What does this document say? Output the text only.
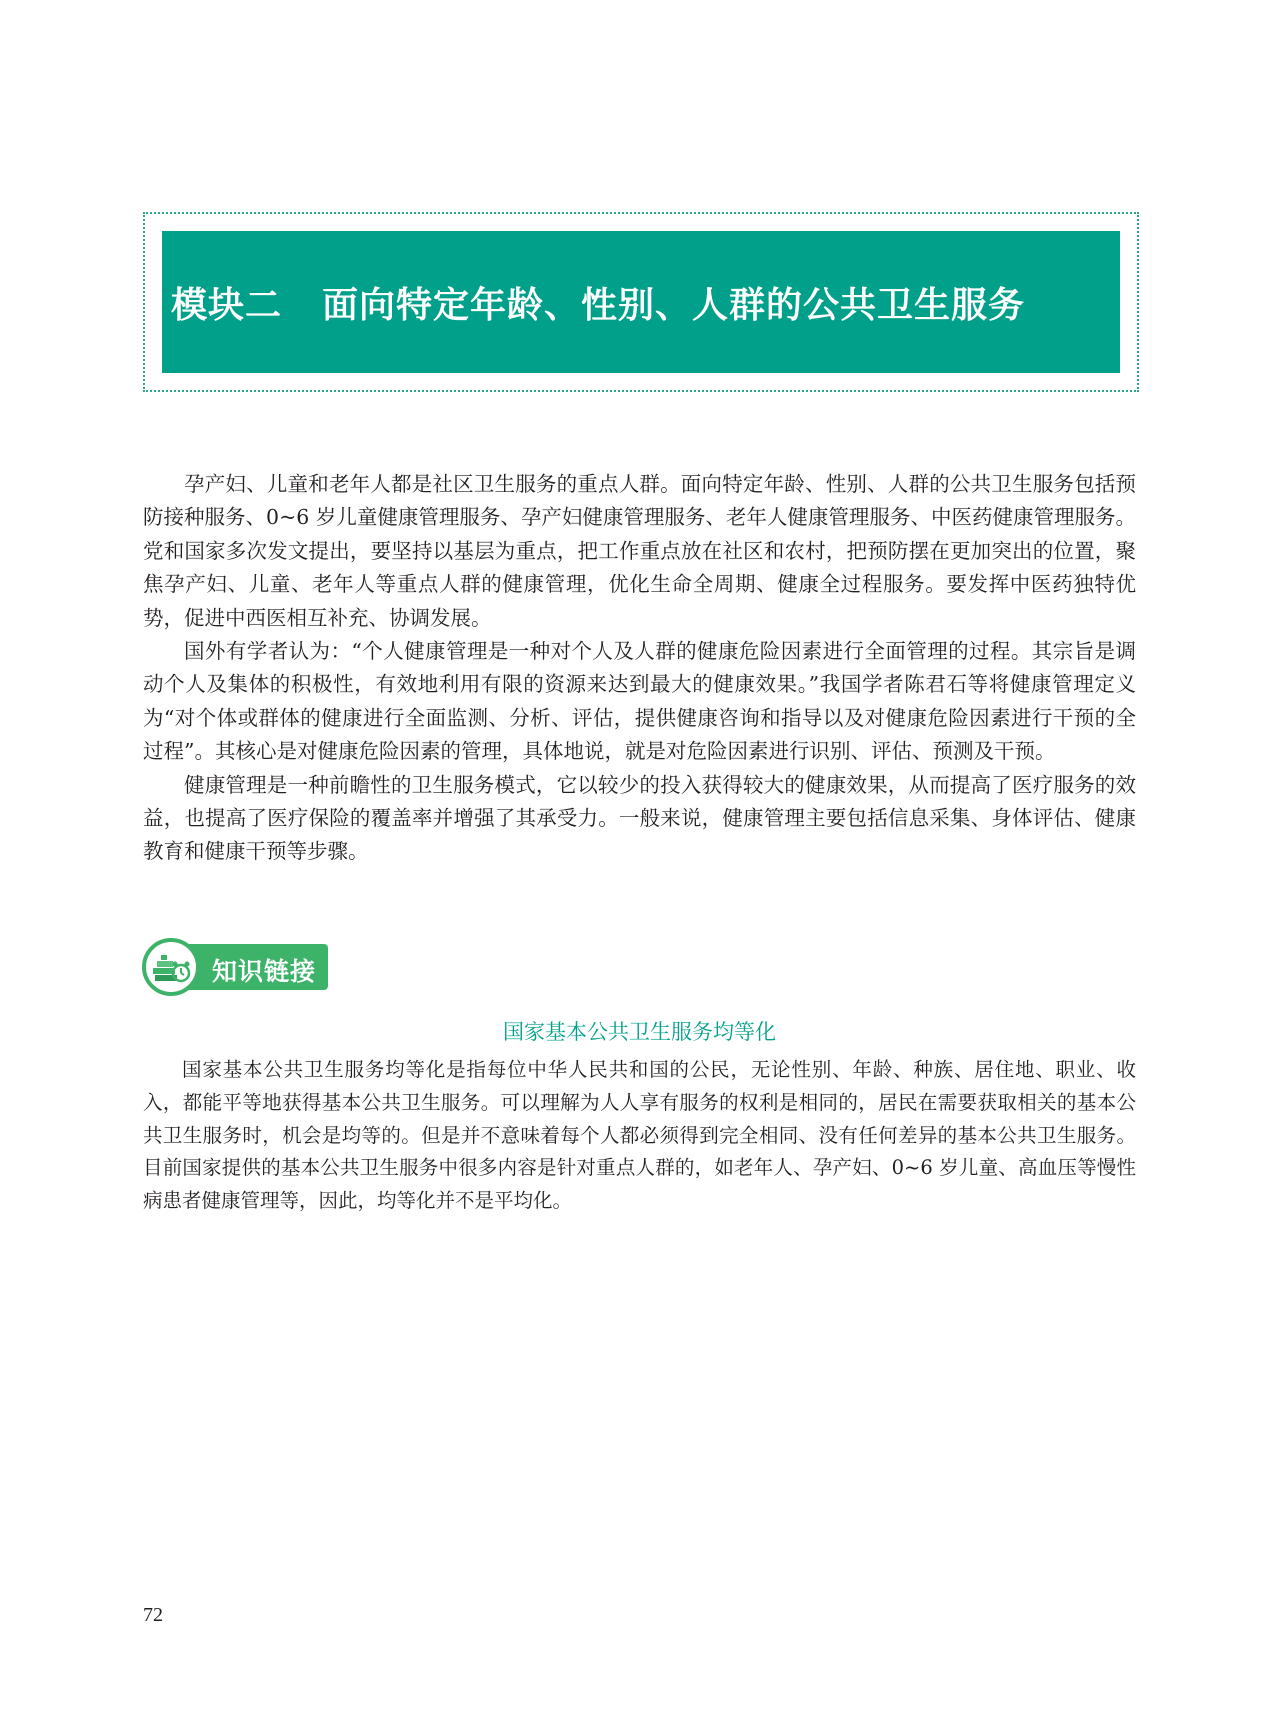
模块二 面向特定年龄、性别、人群的公共卫生服务

孕产妇、儿童和老年人都是社区卫生服务的重点人群。面向特定年龄、性别、人群的公共卫生服务包括预防接种服务、0~6 岁儿童健康管理服务、孕产妇健康管理服务、老年人健康管理服务、中医药健康管理服务。党和国家多次发文提出，要坚持以基层为重点，把工作重点放在社区和农村，把预防摆在更加突出的位置，聚焦孕产妇、儿童、老年人等重点人群的健康管理，优化生命全周期、健康全过程服务。要发挥中医药独特优势，促进中西医相互补充、协调发展。

国外有学者认为：“个人健康管理是一种对个人及人群的健康危险因素进行全面管理的过程。其宗旨是调动个人及集体的积极性，有效地利用有限的资源来达到最大的健康效果。”我国学者陈君石等将健康管理定义为“对个体或群体的健康进行全面监测、分析、评估，提供健康咨询和指导以及对健康危险因素进行干预的全过程”。其核心是对健康危险因素的管理，具体地说，就是对危险因素进行识别、评估、预测及干预。

健康管理是一种前瞻性的卫生服务模式，它以较少的投入获得较大的健康效果，从而提高了医疗服务的效益，也提高了医疗保险的覆盖率并增强了其承受力。一般来说，健康管理主要包括信息采集、身体评估、健康教育和健康干预等步骤。

知识链接
国家基本公共卫生服务均等化

国家基本公共卫生服务均等化是指每位中华人民共和国的公民，无论性别、年龄、种族、居住地、职业、收入，都能平等地获得基本公共卫生服务。可以理解为人人享有服务的权利是相同的，居民在需要获取相关的基本公共卫生服务时，机会是均等的。但是并不意味着每个人都必须得到完全相同、没有任何差异的基本公共卫生服务。目前国家提供的基本公共卫生服务中很多内容是针对重点人群的，如老年人、孕产妇、0~6 岁儿童、高血压等慢性病患者健康管理等，因此，均等化并不是平均化。

72
